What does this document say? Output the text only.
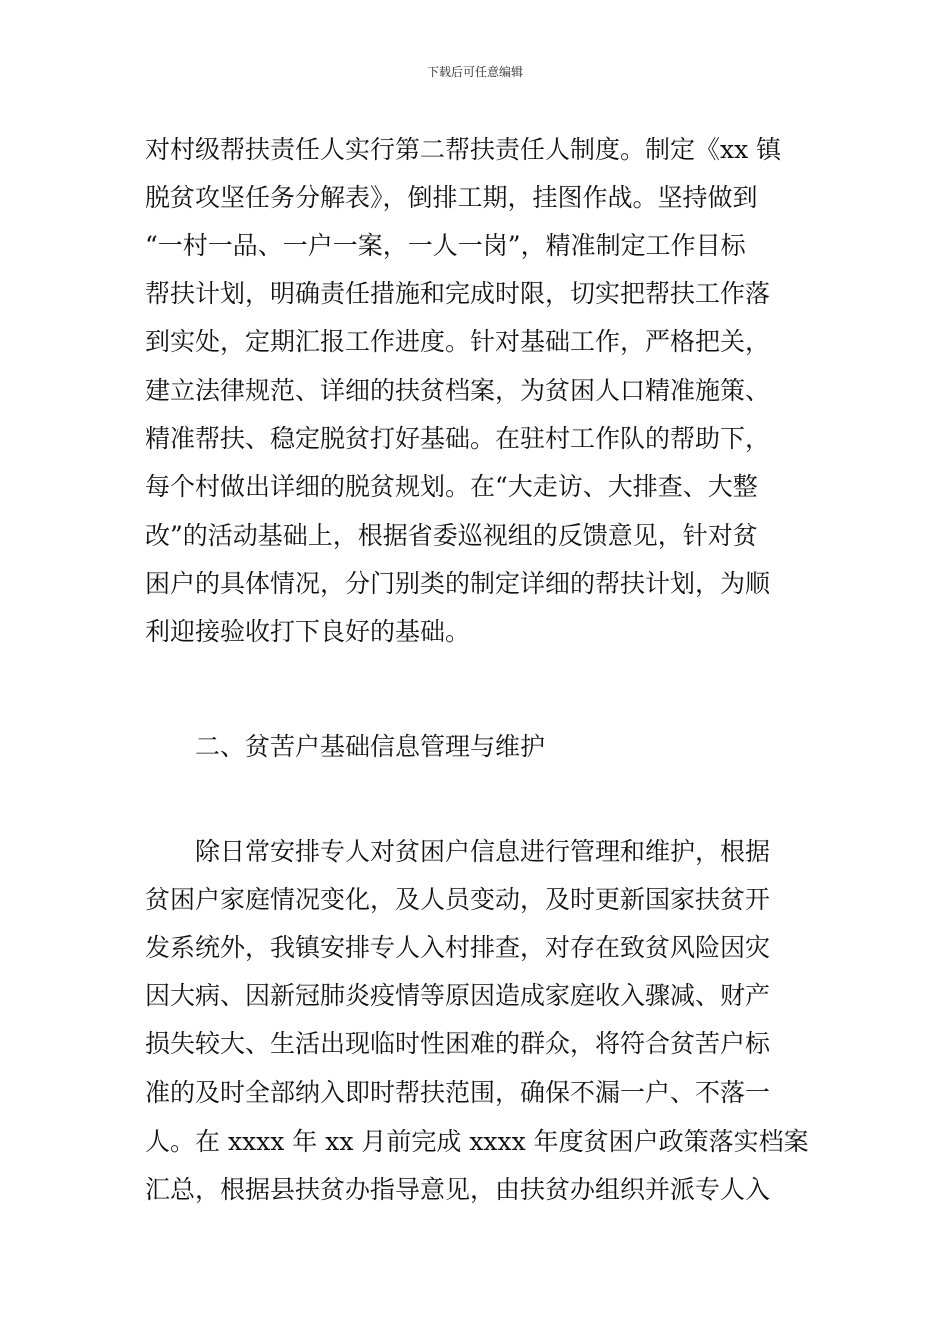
下载后可任意编辑
对村级帮扶责任人实行第二帮扶责任人制度。制定《xx 镇
脱贫攻坚任务分解表》，倒排工期，挂图作战。坚持做到
“一村一品、一户一案，一人一岗”，精准制定工作目标
帮扶计划，明确责任措施和完成时限，切实把帮扶工作落
到实处，定期汇报工作进度。针对基础工作，严格把关，
建立法律规范、详细的扶贫档案，为贫困人口精准施策、
精准帮扶、稳定脱贫打好基础。在驻村工作队的帮助下，
每个村做出详细的脱贫规划。在“大走访、大排查、大整
改”的活动基础上，根据省委巡视组的反馈意见，针对贫
困户的具体情况，分门别类的制定详细的帮扶计划，为顺
利迎接验收打下良好的基础。
二、贫苦户基础信息管理与维护
除日常安排专人对贫困户信息进行管理和维护，根据
贫困户家庭情况变化，及人员变动，及时更新国家扶贫开
发系统外，我镇安排专人入村排查，对存在致贫风险因灾
因大病、因新冠肺炎疫情等原因造成家庭收入骤减、财产
损失较大、生活出现临时性困难的群众，将符合贫苦户标
准的及时全部纳入即时帮扶范围，确保不漏一户、不落一
人。在 xxxx 年 xx 月前完成 xxxx 年度贫困户政策落实档案
汇总，根据县扶贫办指导意见，由扶贫办组织并派专人入
